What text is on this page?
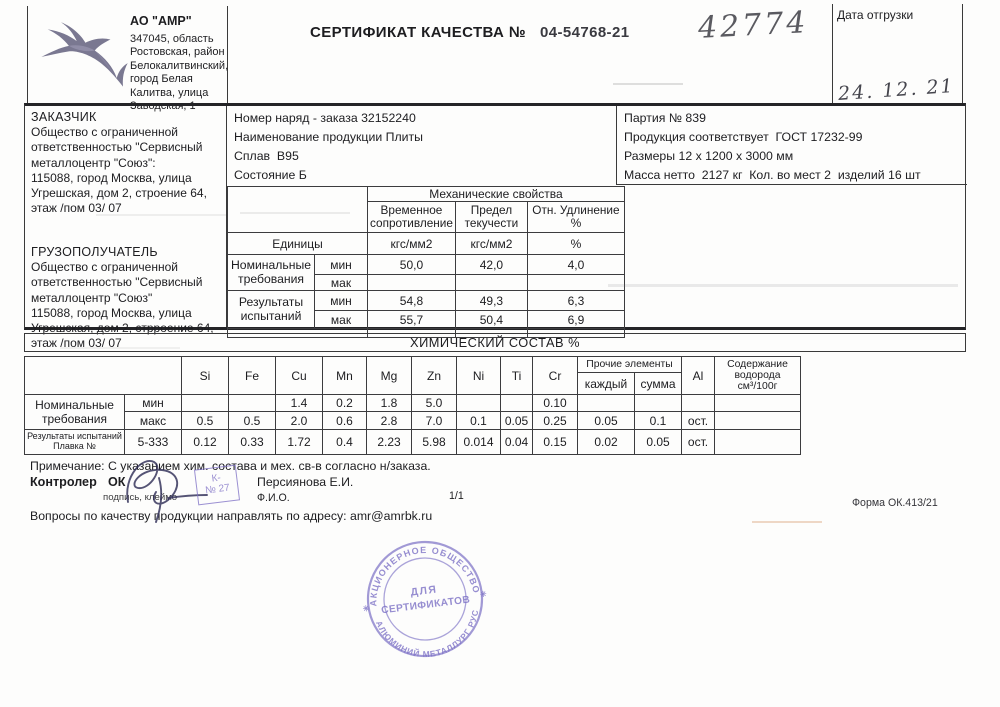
АО "АМР"
347045, область
Ростовская, район
Белокалитвинский,
город Белая
Калитва, улица
Заводская, 1
СЕРТИФИКАТ КАЧЕСТВА № 04-54768-21 42774 Дата отгрузки
24. 12. 21
ЗАКАЗЧИК
Общество с ограниченной
ответственностью "Сервисный
металлоцентр "Союз":
115088, город Москва, улица
Угрешская, дом 2, строение 64,
этаж /пом 03/ 07
ГРУЗОПОЛУЧАТЕЛЬ
Общество с ограниченной
ответственностью "Сервисный
металлоцентр "Союз"
115088, город Москва, улица
Угрешская, дом 2, стрроение 64,
этаж /пом 03/ 07
Номер наряд - заказа 32152240
Наименование продукции Плиты
Сплав  В95
Состояние Б
Партия № 839
Продукция соответствует  ГОСТ 17232-99
Размеры 12 х 1200 х 3000 мм
Масса нетто  2127 кг  Кол. во мест 2  изделий 16 шт
		Механические свойства		
		Временное сопротивление	Предел текучести	Отн. Удлинение %
Единицы		кгс/мм2	кгс/мм2	%
Номинальные требования	мин	50,0	42,0	4,0
	мак			
Результаты испытаний	мин	54,8	49,3	6,3
	мак	55,7	50,4	6,9

ХИМИЧЕСКИЙ СОСТАВ %
		Si	Fe	Cu	Mn	Mg	Zn	Ni	Ti	Cr	Прочие элементы		Al	Содержание водорода см³/100г
											каждый	сумма		
Номинальные требования	мин			1.4	0.2	1.8	5.0			0.10				
	макс	0.5	0.5	2.0	0.6	2.8	7.0	0.1	0.05	0.25	0.05	0.1	ост.	
Результаты испытаний
Плавка №	5-333	0.12	0.33	1.72	0.4	2.23	5.98	0.014	0.04	0.15	0.02	0.05	ост.	
Примечание: С указанием хим. состава и мех. св-в согласно н/заказа.
Контролер ОК	Персиянова Е.И.
подпись, клеймо	Ф.И.О.	1/1
Форма ОК.413/21
Вопросы по качеству продукции направлять по адресу: amr@amrbk.ru
К-
№ 27
АКЦИОНЕРНОЕ ОБЩЕСТВО
АЛЮМИНИЙ МЕТАЛЛУРГ РУС
ДЛЯ
СЕРТИФИКАТОВ
✳
✳
